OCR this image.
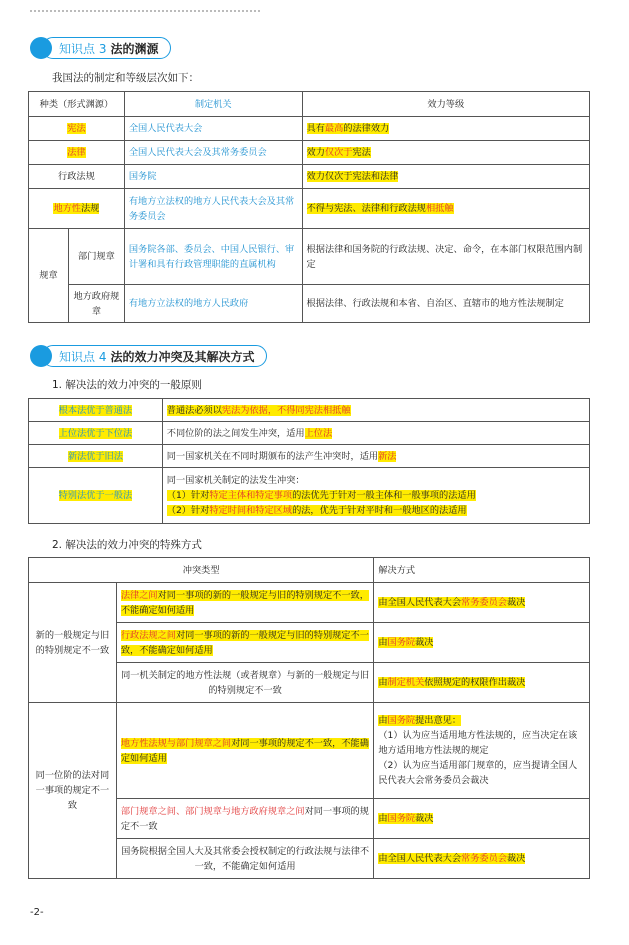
知识点 3 法的渊源
我国法的制定和等级层次如下：
种类（形式渊源）		制定机关	效力等级
宪法		全国人民代表大会	具有最高的法律效力
法律		全国人民代表大会及其常务委员会	效力仅次于宪法
行政法规		国务院	效力仅次于宪法和法律
地方性法规		有地方立法权的地方人民代表大会及其常务委员会	不得与宪法、法律和行政法规相抵触
规章	部门规章	国务院各部、委员会、中国人民银行、审计署和具有行政管理职能的直属机构	根据法律和国务院的行政法规、决定、命令，在本部门权限范围内制定
	地方政府规章	有地方立法权的地方人民政府	根据法律、行政法规和本省、自治区、直辖市的地方性法规制定
知识点 4 法的效力冲突及其解决方式
1. 解决法的效力冲突的一般原则
根本法优于普通法	普通法必须以宪法为依据，不得同宪法相抵触
上位法优于下位法	不同位阶的法之间发生冲突，适用上位法
新法优于旧法	同一国家机关在不同时期颁布的法产生冲突时，适用新法
特别法优于一般法	同一国家机关制定的法发生冲突：
（1）针对特定主体和特定事项的法优先于针对一般主体和一般事项的法适用
（2）针对特定时间和特定区域的法，优先于针对平时和一般地区的法适用
2. 解决法的效力冲突的特殊方式
冲突类型		解决方式
新的一般规定与旧的特别规定不一致	法律之间对同一事项的新的一般规定与旧的特别规定不一致，不能确定如何适用	由全国人民代表大会常务委员会裁决
	行政法规之间对同一事项的新的一般规定与旧的特别规定不一致，不能确定如何适用	由国务院裁决
	同一机关制定的地方性法规（或者规章）与新的一般规定与旧的特别规定不一致	由制定机关依照规定的权限作出裁决
同一位阶的法对同一事项的规定不一致	地方性法规与部门规章之间对同一事项的规定不一致，不能确定如何适用	由国务院提出意见：
（1）认为应当适用地方性法规的，应当决定在该地方适用地方性法规的规定
（2）认为应当适用部门规章的，应当提请全国人民代表大会常务委员会裁决

	部门规章之间、部门规章与地方政府规章之间对同一事项的规定不一致	由国务院裁决
	国务院根据全国人大及其常委会授权制定的行政法规与法律不一致，不能确定如何适用	由全国人民代表大会常务委员会裁决
-2-
